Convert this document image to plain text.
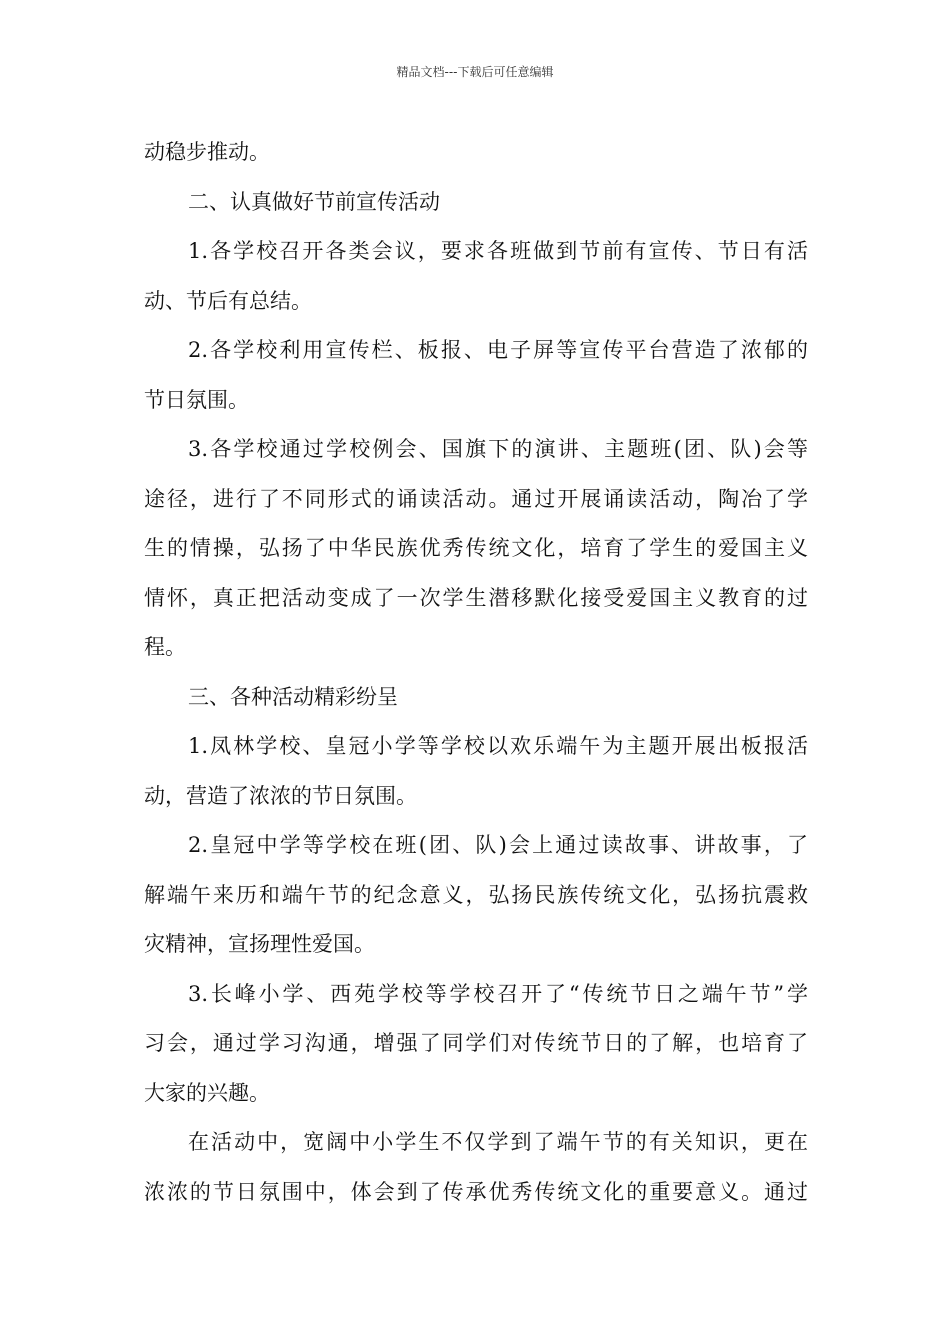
精品文档---下载后可任意编辑
动稳步推动。
二、认真做好节前宣传活动
1.各学校召开各类会议，要求各班做到节前有宣传、节日有活
动、节后有总结。
2.各学校利用宣传栏、板报、电子屏等宣传平台营造了浓郁的
节日氛围。
3.各学校通过学校例会、国旗下的演讲、主题班(团、队)会等
途径，进行了不同形式的诵读活动。通过开展诵读活动，陶冶了学
生的情操，弘扬了中华民族优秀传统文化，培育了学生的爱国主义
情怀，真正把活动变成了一次学生潜移默化接受爱国主义教育的过
程。
三、各种活动精彩纷呈
1.凤林学校、皇冠小学等学校以欢乐端午为主题开展出板报活
动，营造了浓浓的节日氛围。
2.皇冠中学等学校在班(团、队)会上通过读故事、讲故事，了
解端午来历和端午节的纪念意义，弘扬民族传统文化，弘扬抗震救
灾精神，宣扬理性爱国。
3.长峰小学、西苑学校等学校召开了“传统节日之端午节”学
习会，通过学习沟通，增强了同学们对传统节日的了解，也培育了
大家的兴趣。
在活动中，宽阔中小学生不仅学到了端午节的有关知识，更在
浓浓的节日氛围中，体会到了传承优秀传统文化的重要意义。通过
